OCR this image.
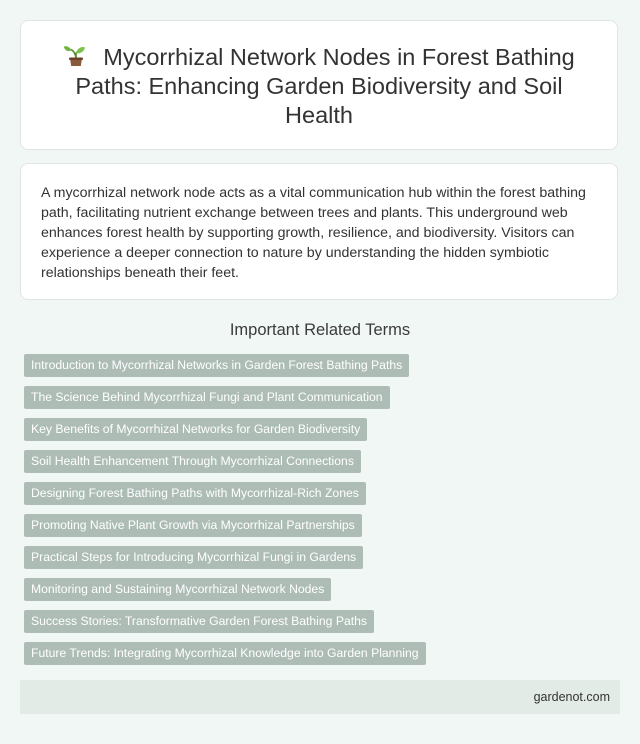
Mycorrhizal Network Nodes in Forest Bathing Paths: Enhancing Garden Biodiversity and Soil Health

A mycorrhizal network node acts as a vital communication hub within the forest bathing path, facilitating nutrient exchange between trees and plants. This underground web enhances forest health by supporting growth, resilience, and biodiversity. Visitors can experience a deeper connection to nature by understanding the hidden symbiotic relationships beneath their feet.

Important Related Terms
Introduction to Mycorrhizal Networks in Garden Forest Bathing Paths
The Science Behind Mycorrhizal Fungi and Plant Communication
Key Benefits of Mycorrhizal Networks for Garden Biodiversity
Soil Health Enhancement Through Mycorrhizal Connections
Designing Forest Bathing Paths with Mycorrhizal-Rich Zones
Promoting Native Plant Growth via Mycorrhizal Partnerships
Practical Steps for Introducing Mycorrhizal Fungi in Gardens
Monitoring and Sustaining Mycorrhizal Network Nodes
Success Stories: Transformative Garden Forest Bathing Paths
Future Trends: Integrating Mycorrhizal Knowledge into Garden Planning
gardenot.com
